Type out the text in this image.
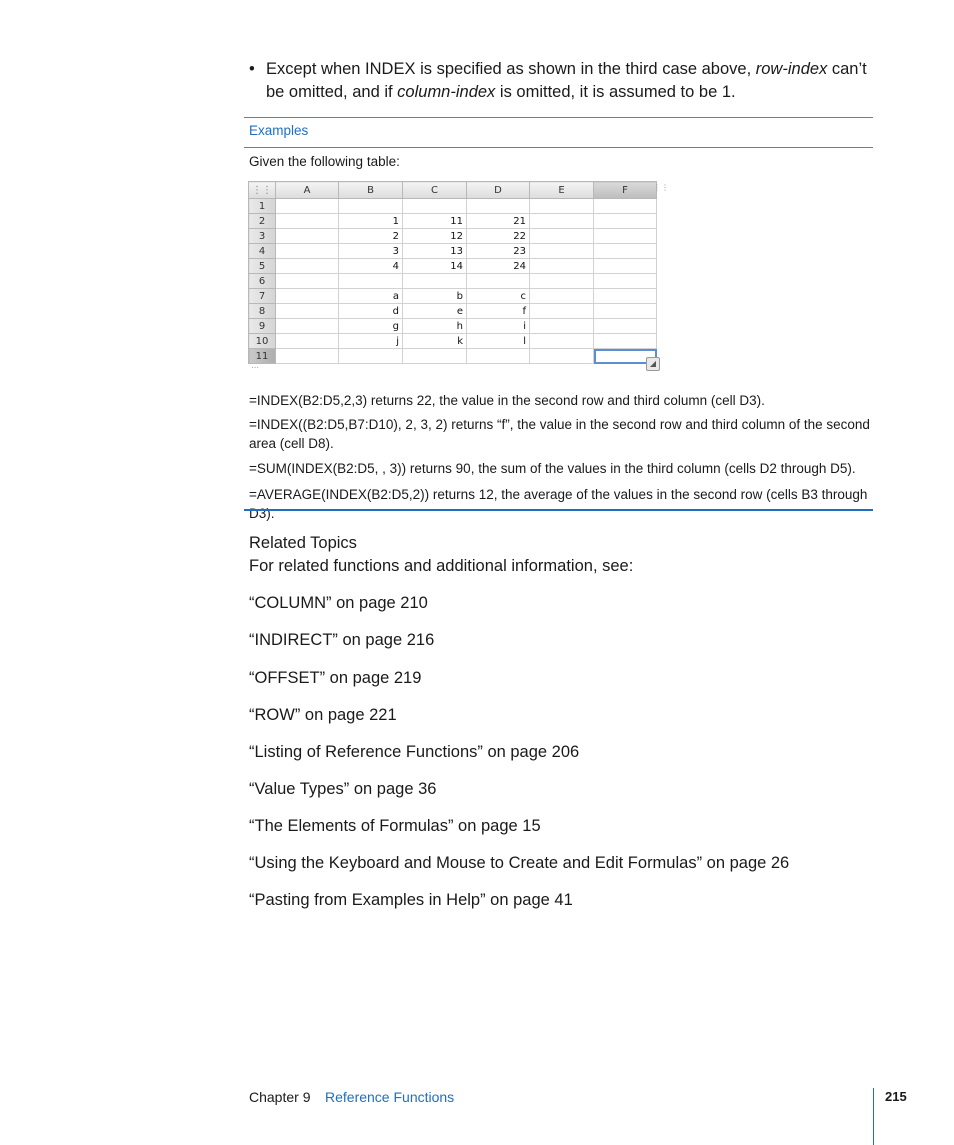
• Except when INDEX is specified as shown in the third case above, row-index can’t be omitted, and if column-index is omitted, it is assumed to be 1.
Examples
Given the following table:
⋮⋮	A	B	C	D	E	F
1						
2		1	11	21		
3		2	12	22		
4		3	13	23		
5		4	14	24		
6						
7		a	b	c		
8		d	e	f		
9		g	h	i		
10		j	k	l		
11						
⋮⋮
⋯	◢
=INDEX(B2:D5,2,3) returns 22, the value in the second row and third column (cell D3).
=INDEX((B2:D5,B7:D10), 2, 3, 2) returns “f”, the value in the second row and third column of the second area (cell D8).
=SUM(INDEX(B2:D5, , 3)) returns 90, the sum of the values in the third column (cells D2 through D5).
=AVERAGE(INDEX(B2:D5,2)) returns 12, the average of the values in the second row (cells B3 through D3).
Related Topics
For related functions and additional information, see:
“COLUMN” on page 210
“INDIRECT” on page 216
“OFFSET” on page 219
“ROW” on page 221
“Listing of Reference Functions” on page 206
“Value Types” on page 36
“The Elements of Formulas” on page 15
“Using the Keyboard and Mouse to Create and Edit Formulas” on page 26
“Pasting from Examples in Help” on page 41
Chapter 9 Reference Functions	215
